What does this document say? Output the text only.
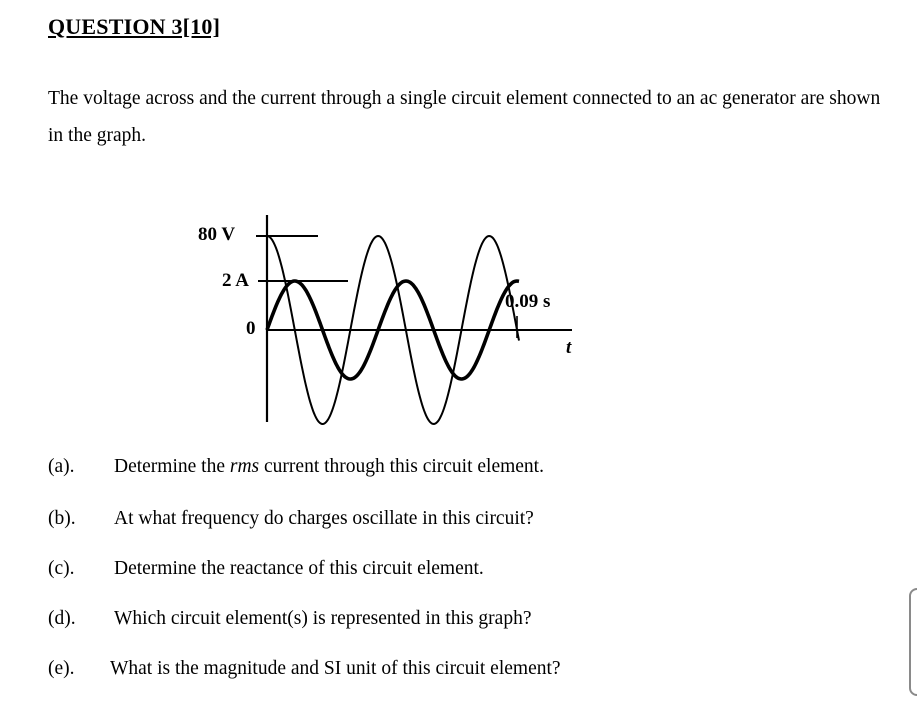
QUESTION 3[10]
The voltage across and the current through a single circuit element connected to an ac generator are shown in the graph.
80 V
2 A
0
0.09 s
t
(a). Determine the rms current through this circuit element.
(b). At what frequency do charges oscillate in this circuit?
(c). Determine the reactance of this circuit element.
(d). Which circuit element(s) is represented in this graph?
(e). What is the magnitude and SI unit of this circuit element?
